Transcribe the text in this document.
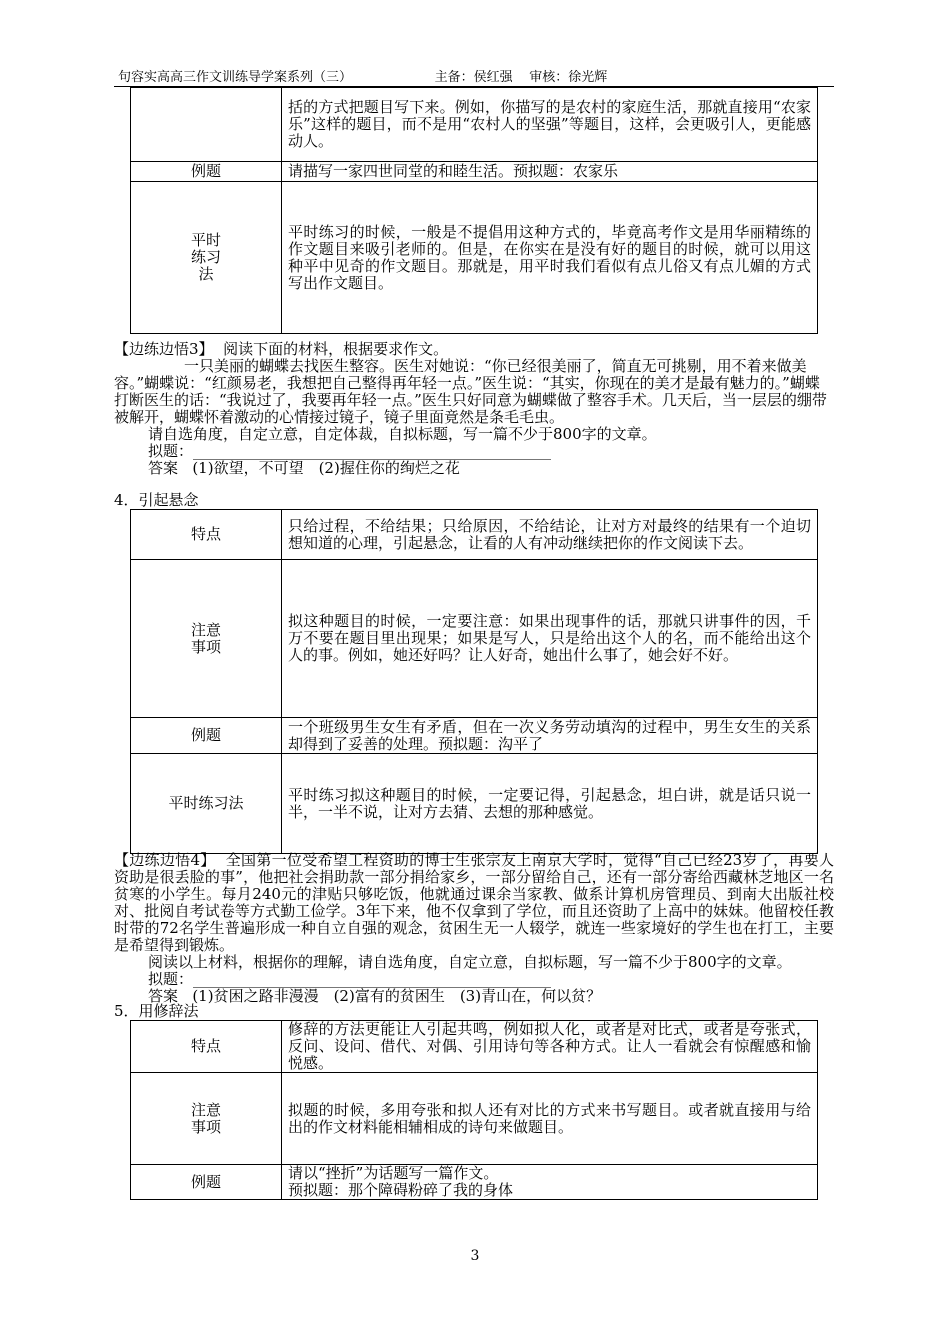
句容实高高三作文训练导学案系列（三）	主备：侯红强    审核：徐光辉
	括的方式把题目写下来。例如，你描写的是农村的家庭生活，那就直接用“农家乐”这样的题目，而不是用“农村人的坚强”等题目，这样，会更吸引人，更能感动人。
例题	请描写一家四世同堂的和睦生活。预拟题：农家乐

平时练习法	平时练习的时候，一般是不提倡用这种方式的，毕竟高考作文是用华丽精练的作文题目来吸引老师的。但是，在你实在是没有好的题目的时候，就可以用这种平中见奇的作文题目。那就是，用平时我们看似有点儿俗又有点儿媚的方式写出作文题目。
【边练边悟3】 阅读下面的材料，根据要求作文。
一只美丽的蝴蝶去找医生整容。医生对她说：“你已经很美丽了，简直无可挑剔，用不着来做美容。”蝴蝶说：“红颜易老，我想把自己整得再年轻一点。”医生说：“其实，你现在的美才是最有魅力的。”蝴蝶打断医生的话：“我说过了，我要再年轻一点。”医生只好同意为蝴蝶做了整容手术。几天后，当一层层的绷带被解开，蝴蝶怀着激动的心情接过镜子，镜子里面竟然是条毛毛虫。
请自选角度，自定立意，自定体裁，自拟标题，写一篇不少于800字的文章。
拟题：
答案 (1)欲望，不可望　(2)握住你的绚烂之花
4．引起悬念
特点	只给过程，不给结果；只给原因，不给结论，让对方对最终的结果有一个迫切想知道的心理，引起悬念，让看的人有冲动继续把你的作文阅读下去。

注意事项	拟这种题目的时候，一定要注意：如果出现事件的话，那就只讲事件的因，千万不要在题目里出现果；如果是写人，只是给出这个人的名，而不能给出这个人的事。例如，她还好吗？让人好奇，她出什么事了，她会好不好。
例题	一个班级男生女生有矛盾，但在一次义务劳动填沟的过程中，男生女生的关系却得到了妥善的处理。预拟题：沟平了
平时练习法	平时练习拟这种题目的时候，一定要记得，引起悬念，坦白讲，就是话只说一半，一半不说，让对方去猜、去想的那种感觉。
【边练边悟4】 全国第一位受希望工程资助的博士生张宗友上南京大学时，觉得“自己已经23岁了，再要人资助是很丢脸的事”，他把社会捐助款一部分捐给家乡，一部分留给自己，还有一部分寄给西藏林芝地区一名贫寒的小学生。每月240元的津贴只够吃饭，他就通过课余当家教、做系计算机房管理员、到南大出版社校对、批阅自考试卷等方式勤工俭学。3年下来，他不仅拿到了学位，而且还资助了上高中的妹妹。他留校任教时带的72名学生普遍形成一种自立自强的观念，贫困生无一人辍学，就连一些家境好的学生也在打工，主要是希望得到锻炼。
阅读以上材料，根据你的理解，请自选角度，自定立意，自拟标题，写一篇不少于800字的文章。
拟题：
答案 (1)贫困之路非漫漫　(2)富有的贫困生　(3)青山在，何以贫？
5．用修辞法
特点	修辞的方法更能让人引起共鸣，例如拟人化，或者是对比式，或者是夸张式，反问、设问、借代、对偶、引用诗句等各种方式。让人一看就会有惊醒感和愉悦感。

注意事项	拟题的时候，多用夸张和拟人还有对比的方式来书写题目。或者就直接用与给出的作文材料能相辅相成的诗句来做题目。
例题	请以“挫折”为话题写一篇作文。
预拟题：那个障碍粉碎了我的身体
3
